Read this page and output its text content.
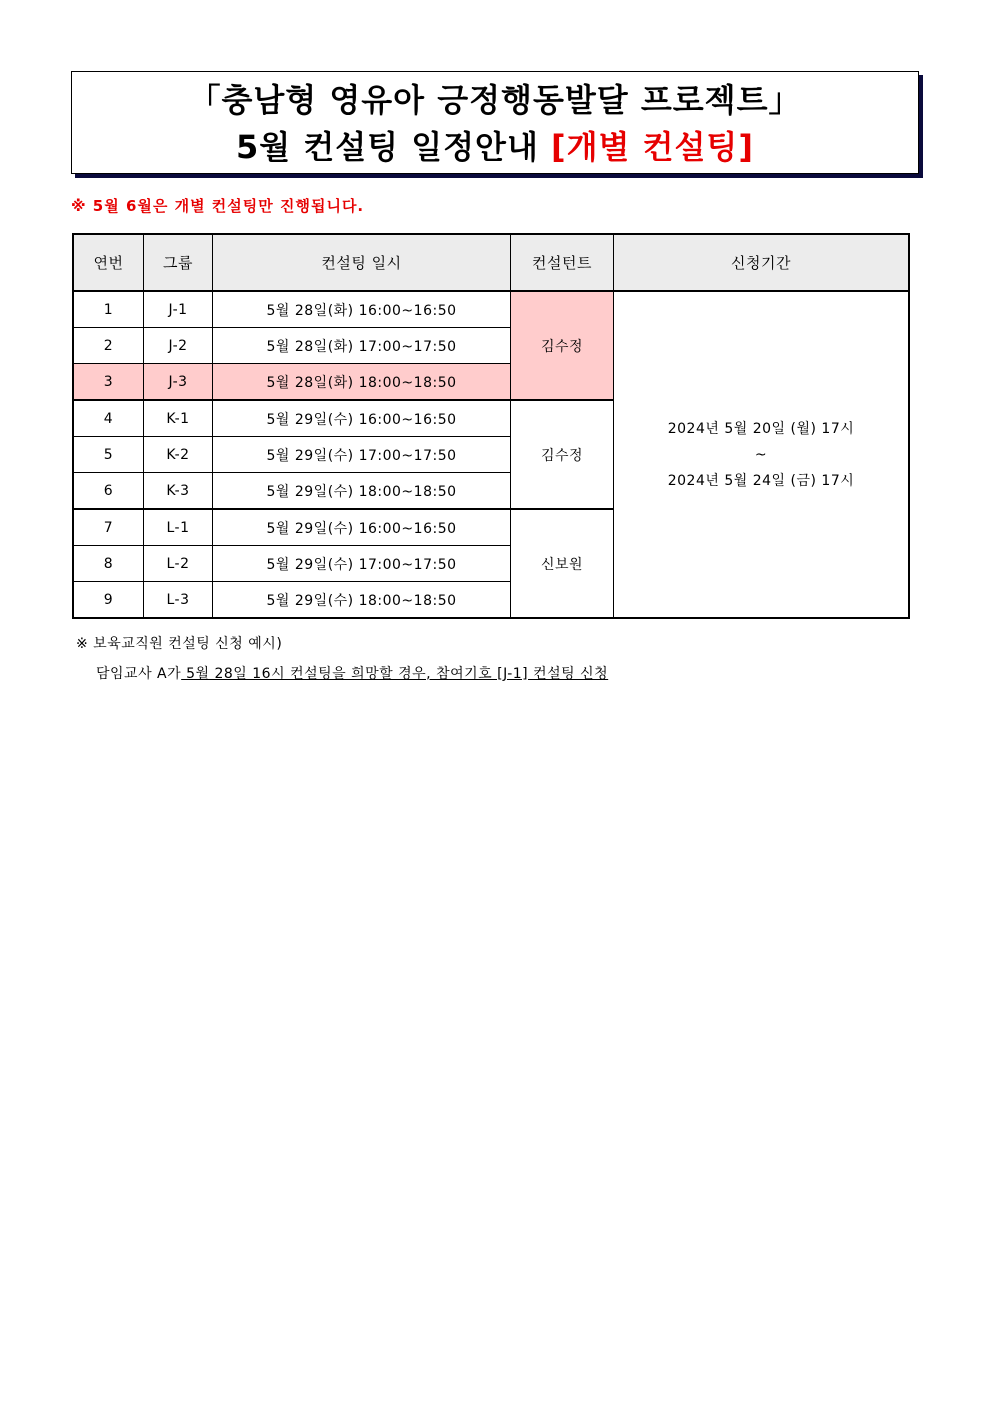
「충남형 영유아 긍정행동발달 프로젝트」
5월 컨설팅 일정안내 [개별 컨설팅]
※ 5월 6월은 개별 컨설팅만 진행됩니다.
연번	그룹	컨설팅 일시	컨설턴트	신청기간
1	J-1	5월 28일(화) 16:00~16:50	김수정	2024년 5월 20일 (월) 17시
~
2024년 5월 24일 (금) 17시

2	J-2	5월 28일(화) 17:00~17:50		
3	J-3	5월 28일(화) 18:00~18:50		
4	K-1	5월 29일(수) 16:00~16:50	김수정	
5	K-2	5월 29일(수) 17:00~17:50		
6	K-3	5월 29일(수) 18:00~18:50		
7	L-1	5월 29일(수) 16:00~16:50	신보원	
8	L-2	5월 29일(수) 17:00~17:50		
9	L-3	5월 29일(수) 18:00~18:50		
※ 보육교직원 컨설팅 신청 예시)
담임교사 A가 5월 28일 16시 컨설팅을 희망할 경우, 참여기호 [J-1] 컨설팅 신청
